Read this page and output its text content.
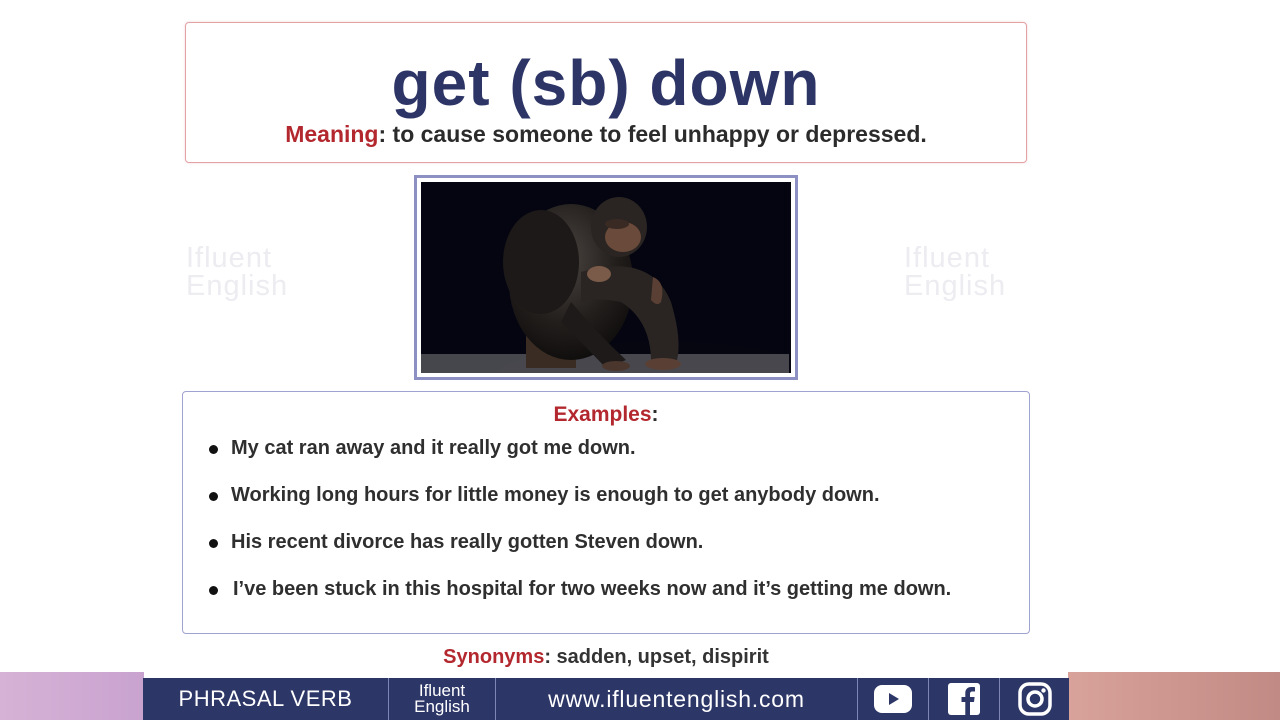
get (sb) down

Meaning: to cause someone to feel unhappy or depressed.

Ifluent
English
Ifluent
English
Examples:
My cat ran away and it really got me down.
Working long hours for little money is enough to get anybody down.
His recent divorce has really gotten Steven down.
I’ve been stuck in this hospital for two weeks now and it’s getting me down.

Synonyms: sadden, upset, dispirit

PHRASAL VERB	Ifluent
English	www.ifluentenglish.com
